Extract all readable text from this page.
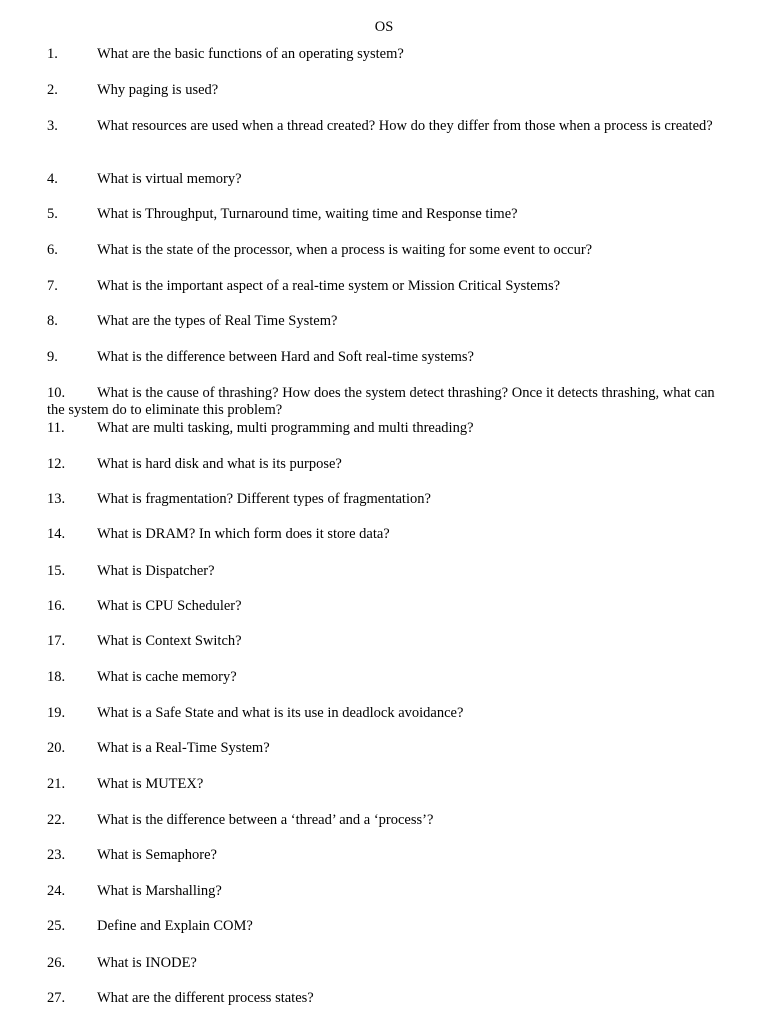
OS
1.	What are the basic functions of an operating system?
2.	Why paging is used?
3.	What resources are used when a thread created? How do they differ from those when a process is created?
4.	What is virtual memory?
5.	What is Throughput, Turnaround time, waiting time and Response time?
6.	What is the state of the processor, when a process is waiting for some event to occur?
7.	What is the important aspect of a real-time system or Mission Critical Systems?
8.	What are the types of Real Time System?
9.	What is the difference between Hard and Soft real-time systems?
10. What is the cause of thrashing? How does the system detect thrashing? Once it detects thrashing, what can the system do to eliminate this problem?
11. What are multi tasking, multi programming and multi threading?
12. What is hard disk and what is its purpose?
13. What is fragmentation? Different types of fragmentation?
14. What is DRAM? In which form does it store data?
15. What is Dispatcher?
16. What is CPU Scheduler?
17. What is Context Switch?
18. What is cache memory?
19. What is a Safe State and what is its use in deadlock avoidance?
20. What is a Real-Time System?
21. What is MUTEX?
22. What is the difference between a ‘thread’ and a ‘process’?
23. What is Semaphore?
24. What is Marshalling?
25. Define and Explain COM?
26. What is INODE?
27. What are the different process states?
